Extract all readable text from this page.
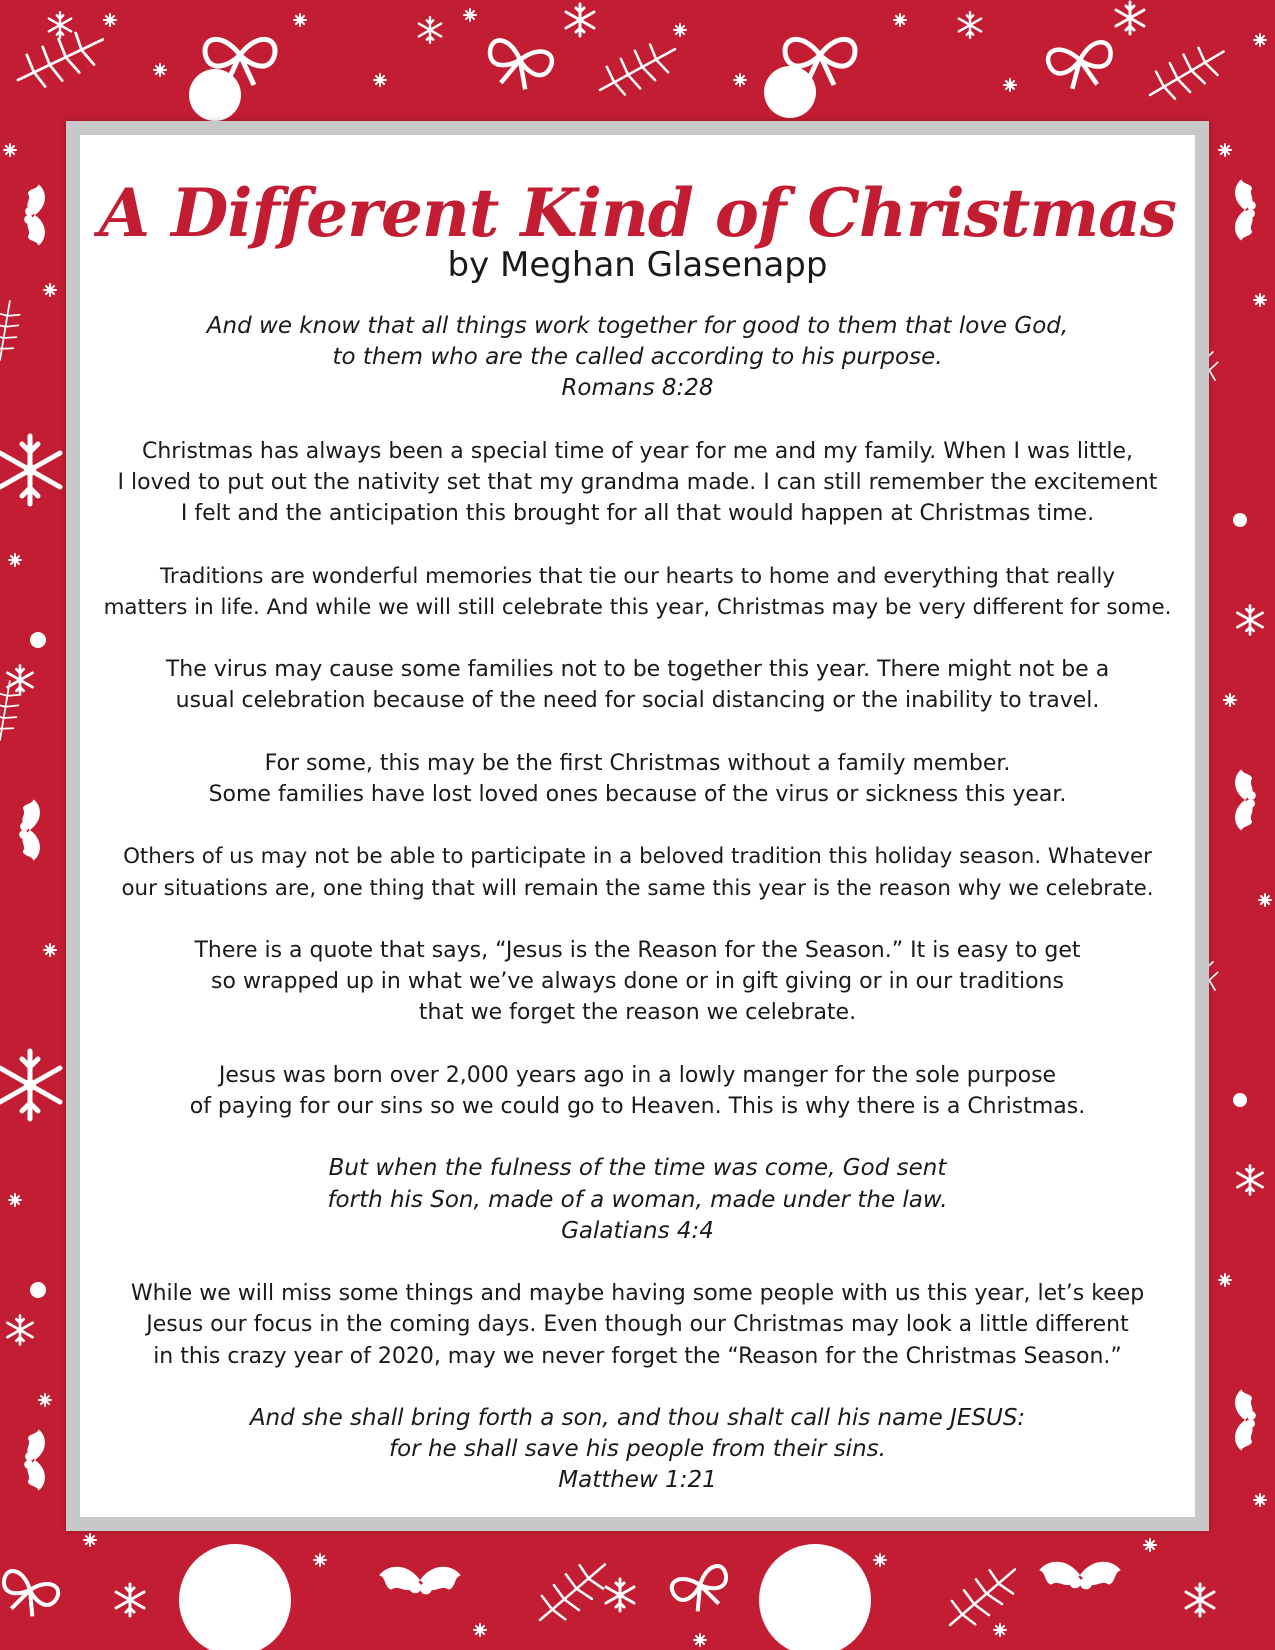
A Different Kind of Christmas
by Meghan Glasenapp
And we know that all things work together for good to them that love God,
to them who are the called according to his purpose.
Romans 8:28
Christmas has always been a special time of year for me and my family. When I was little,
I loved to put out the nativity set that my grandma made. I can still remember the excitement
I felt and the anticipation this brought for all that would happen at Christmas time.
Traditions are wonderful memories that tie our hearts to home and everything that really
matters in life. And while we will still celebrate this year, Christmas may be very different for some.
The virus may cause some families not to be together this year. There might not be a
usual celebration because of the need for social distancing or the inability to travel.
For some, this may be the first Christmas without a family member.
Some families have lost loved ones because of the virus or sickness this year.
Others of us may not be able to participate in a beloved tradition this holiday season. Whatever
our situations are, one thing that will remain the same this year is the reason why we celebrate.
There is a quote that says, “Jesus is the Reason for the Season.” It is easy to get
so wrapped up in what we’ve always done or in gift giving or in our traditions
that we forget the reason we celebrate.
Jesus was born over 2,000 years ago in a lowly manger for the sole purpose
of paying for our sins so we could go to Heaven. This is why there is a Christmas.
But when the fulness of the time was come, God sent
forth his Son, made of a woman, made under the law.
Galatians 4:4
While we will miss some things and maybe having some people with us this year, let’s keep
Jesus our focus in the coming days. Even though our Christmas may look a little different
in this crazy year of 2020, may we never forget the “Reason for the Christmas Season.”
And she shall bring forth a son, and thou shalt call his name JESUS:
for he shall save his people from their sins.
Matthew 1:21
